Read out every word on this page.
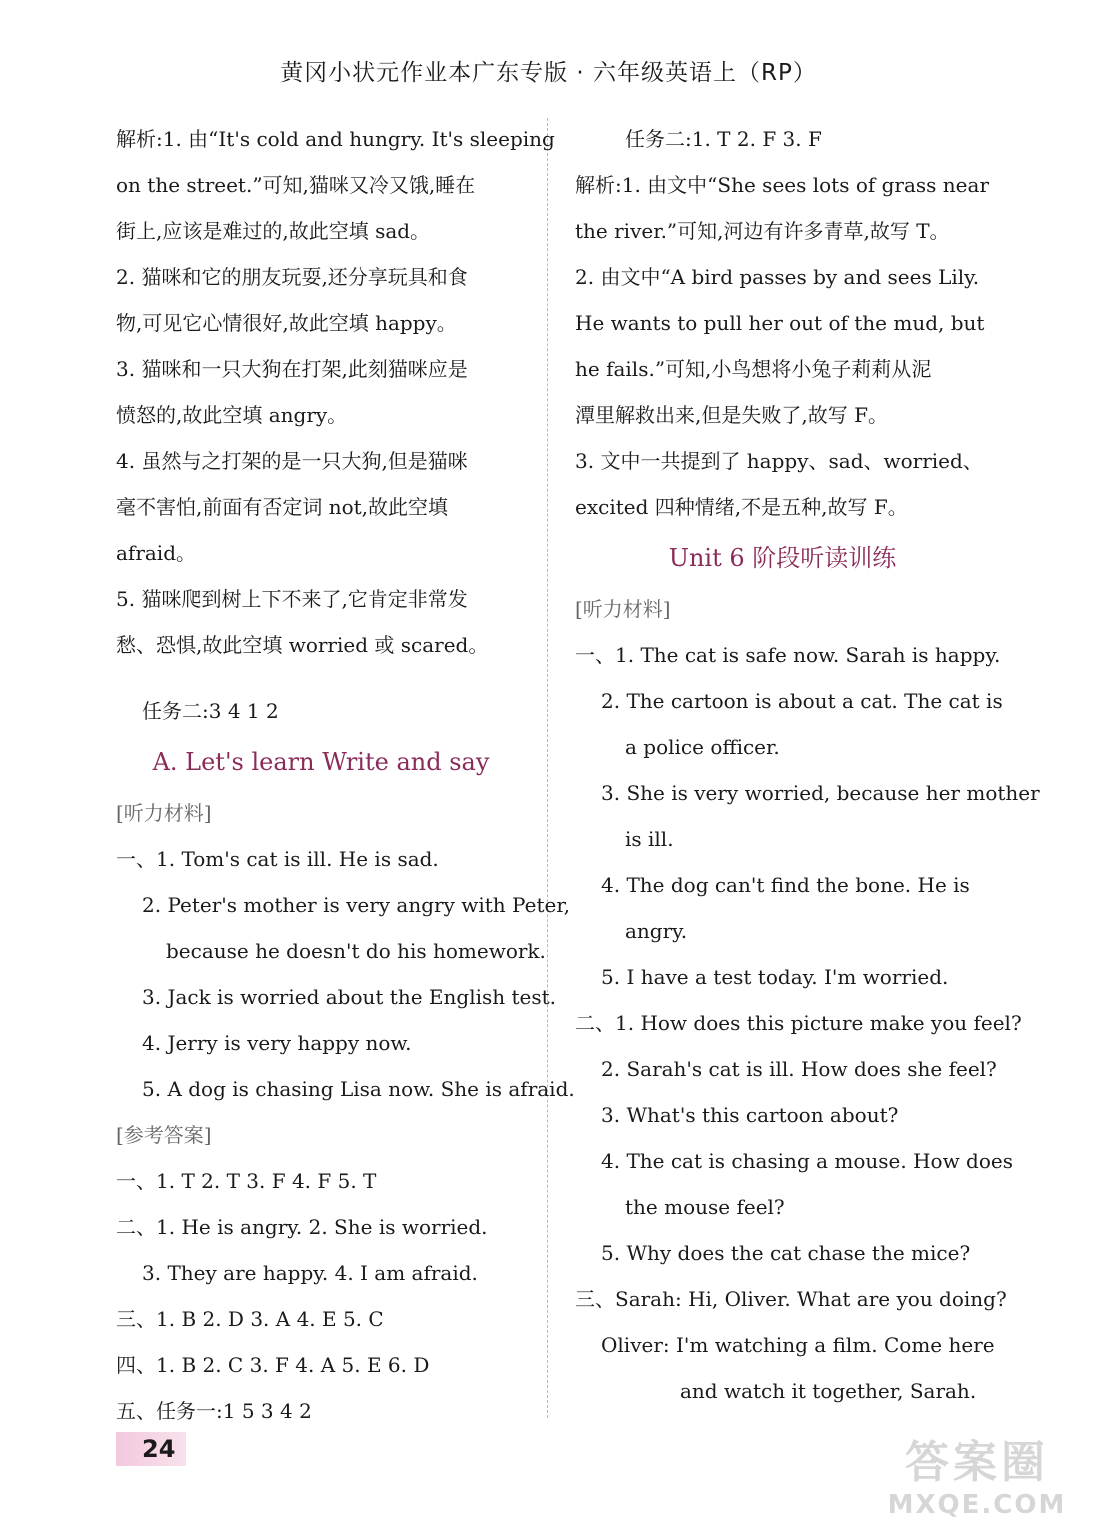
黄冈小状元作业本广东专版 · 六年级英语上（RP）
解析:1. 由“It's cold and hungry. It's sleeping
on the street.”可知,猫咪又冷又饿,睡在
街上,应该是难过的,故此空填 sad。
2. 猫咪和它的朋友玩耍,还分享玩具和食
物,可见它心情很好,故此空填 happy。
3. 猫咪和一只大狗在打架,此刻猫咪应是
愤怒的,故此空填 angry。
4. 虽然与之打架的是一只大狗,但是猫咪
毫不害怕,前面有否定词 not,故此空填
afraid。
5. 猫咪爬到树上下不来了,它肯定非常发
愁、恐惧,故此空填 worried 或 scared。
任务二:3 4 1 2
A. Let's learn Write and say
[听力材料]
一、1. Tom's cat is ill. He is sad.
2. Peter's mother is very angry with Peter,
because he doesn't do his homework.
3. Jack is worried about the English test.
4. Jerry is very happy now.
5. A dog is chasing Lisa now. She is afraid.
[参考答案]
一、1. T 2. T 3. F 4. F 5. T
二、1. He is angry. 2. She is worried.
3. They are happy. 4. I am afraid.
三、1. B 2. D 3. A 4. E 5. C
四、1. B 2. C 3. F 4. A 5. E 6. D
五、任务一:1 5 3 4 2
任务二:1. T 2. F 3. F
解析:1. 由文中“She sees lots of grass near
the river.”可知,河边有许多青草,故写 T。
2. 由文中“A bird passes by and sees Lily.
He wants to pull her out of the mud, but
he fails.”可知,小鸟想将小兔子莉莉从泥
潭里解救出来,但是失败了,故写 F。
3. 文中一共提到了 happy、sad、worried、
excited 四种情绪,不是五种,故写 F。
Unit 6 阶段听读训练
[听力材料]
一、1. The cat is safe now. Sarah is happy.
2. The cartoon is about a cat. The cat is
a police officer.
3. She is very worried, because her mother
is ill.
4. The dog can't find the bone. He is
angry.
5. I have a test today. I'm worried.
二、1. How does this picture make you feel?
2. Sarah's cat is ill. How does she feel?
3. What's this cartoon about?
4. The cat is chasing a mouse. How does
the mouse feel?
5. Why does the cat chase the mice?
三、Sarah: Hi, Oliver. What are you doing?
Oliver: I'm watching a film. Come here
and watch it together, Sarah.
24	答案圈
MXQE.COM
